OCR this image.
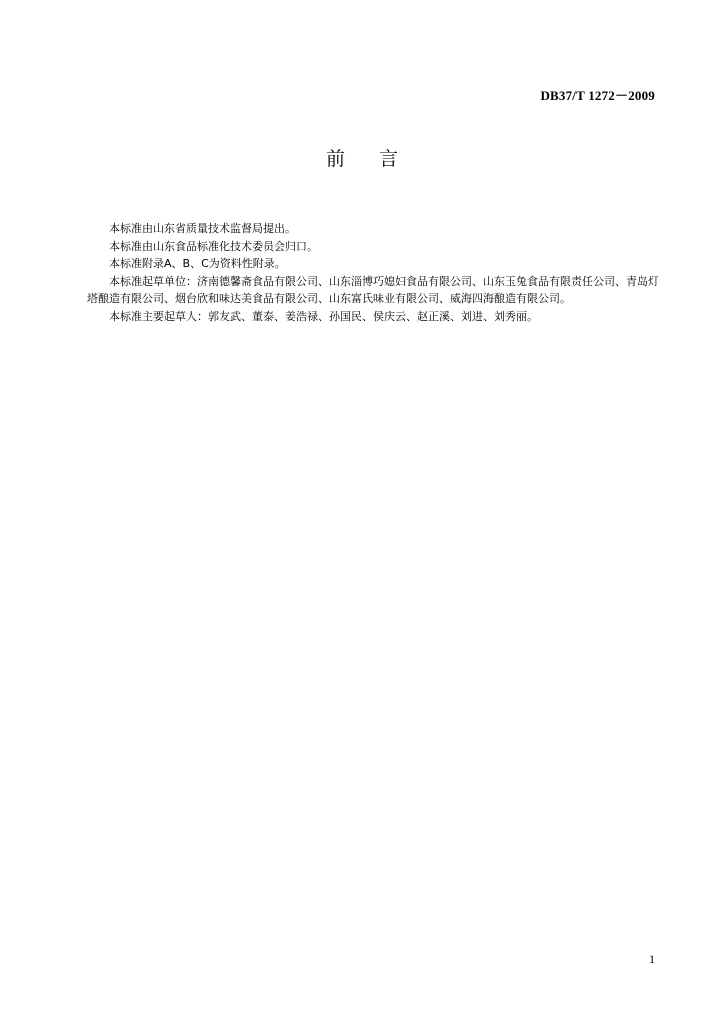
DB37/T 1272－2009
前言

本标准由山东省质量技术监督局提出。

本标准由山东食品标准化技术委员会归口。

本标准附录A、B、C为资料性附录。

本标准起草单位：济南德馨斋食品有限公司、山东淄博巧媳妇食品有限公司、山东玉兔食品有限责任公司、青岛灯塔酿造有限公司、烟台欣和味达美食品有限公司、山东富氏味业有限公司、威海四海酿造有限公司。

本标准主要起草人：郭友武、董泰、姜浩禄、孙国民、侯庆云、赵正溪、刘进、刘秀丽。

1
